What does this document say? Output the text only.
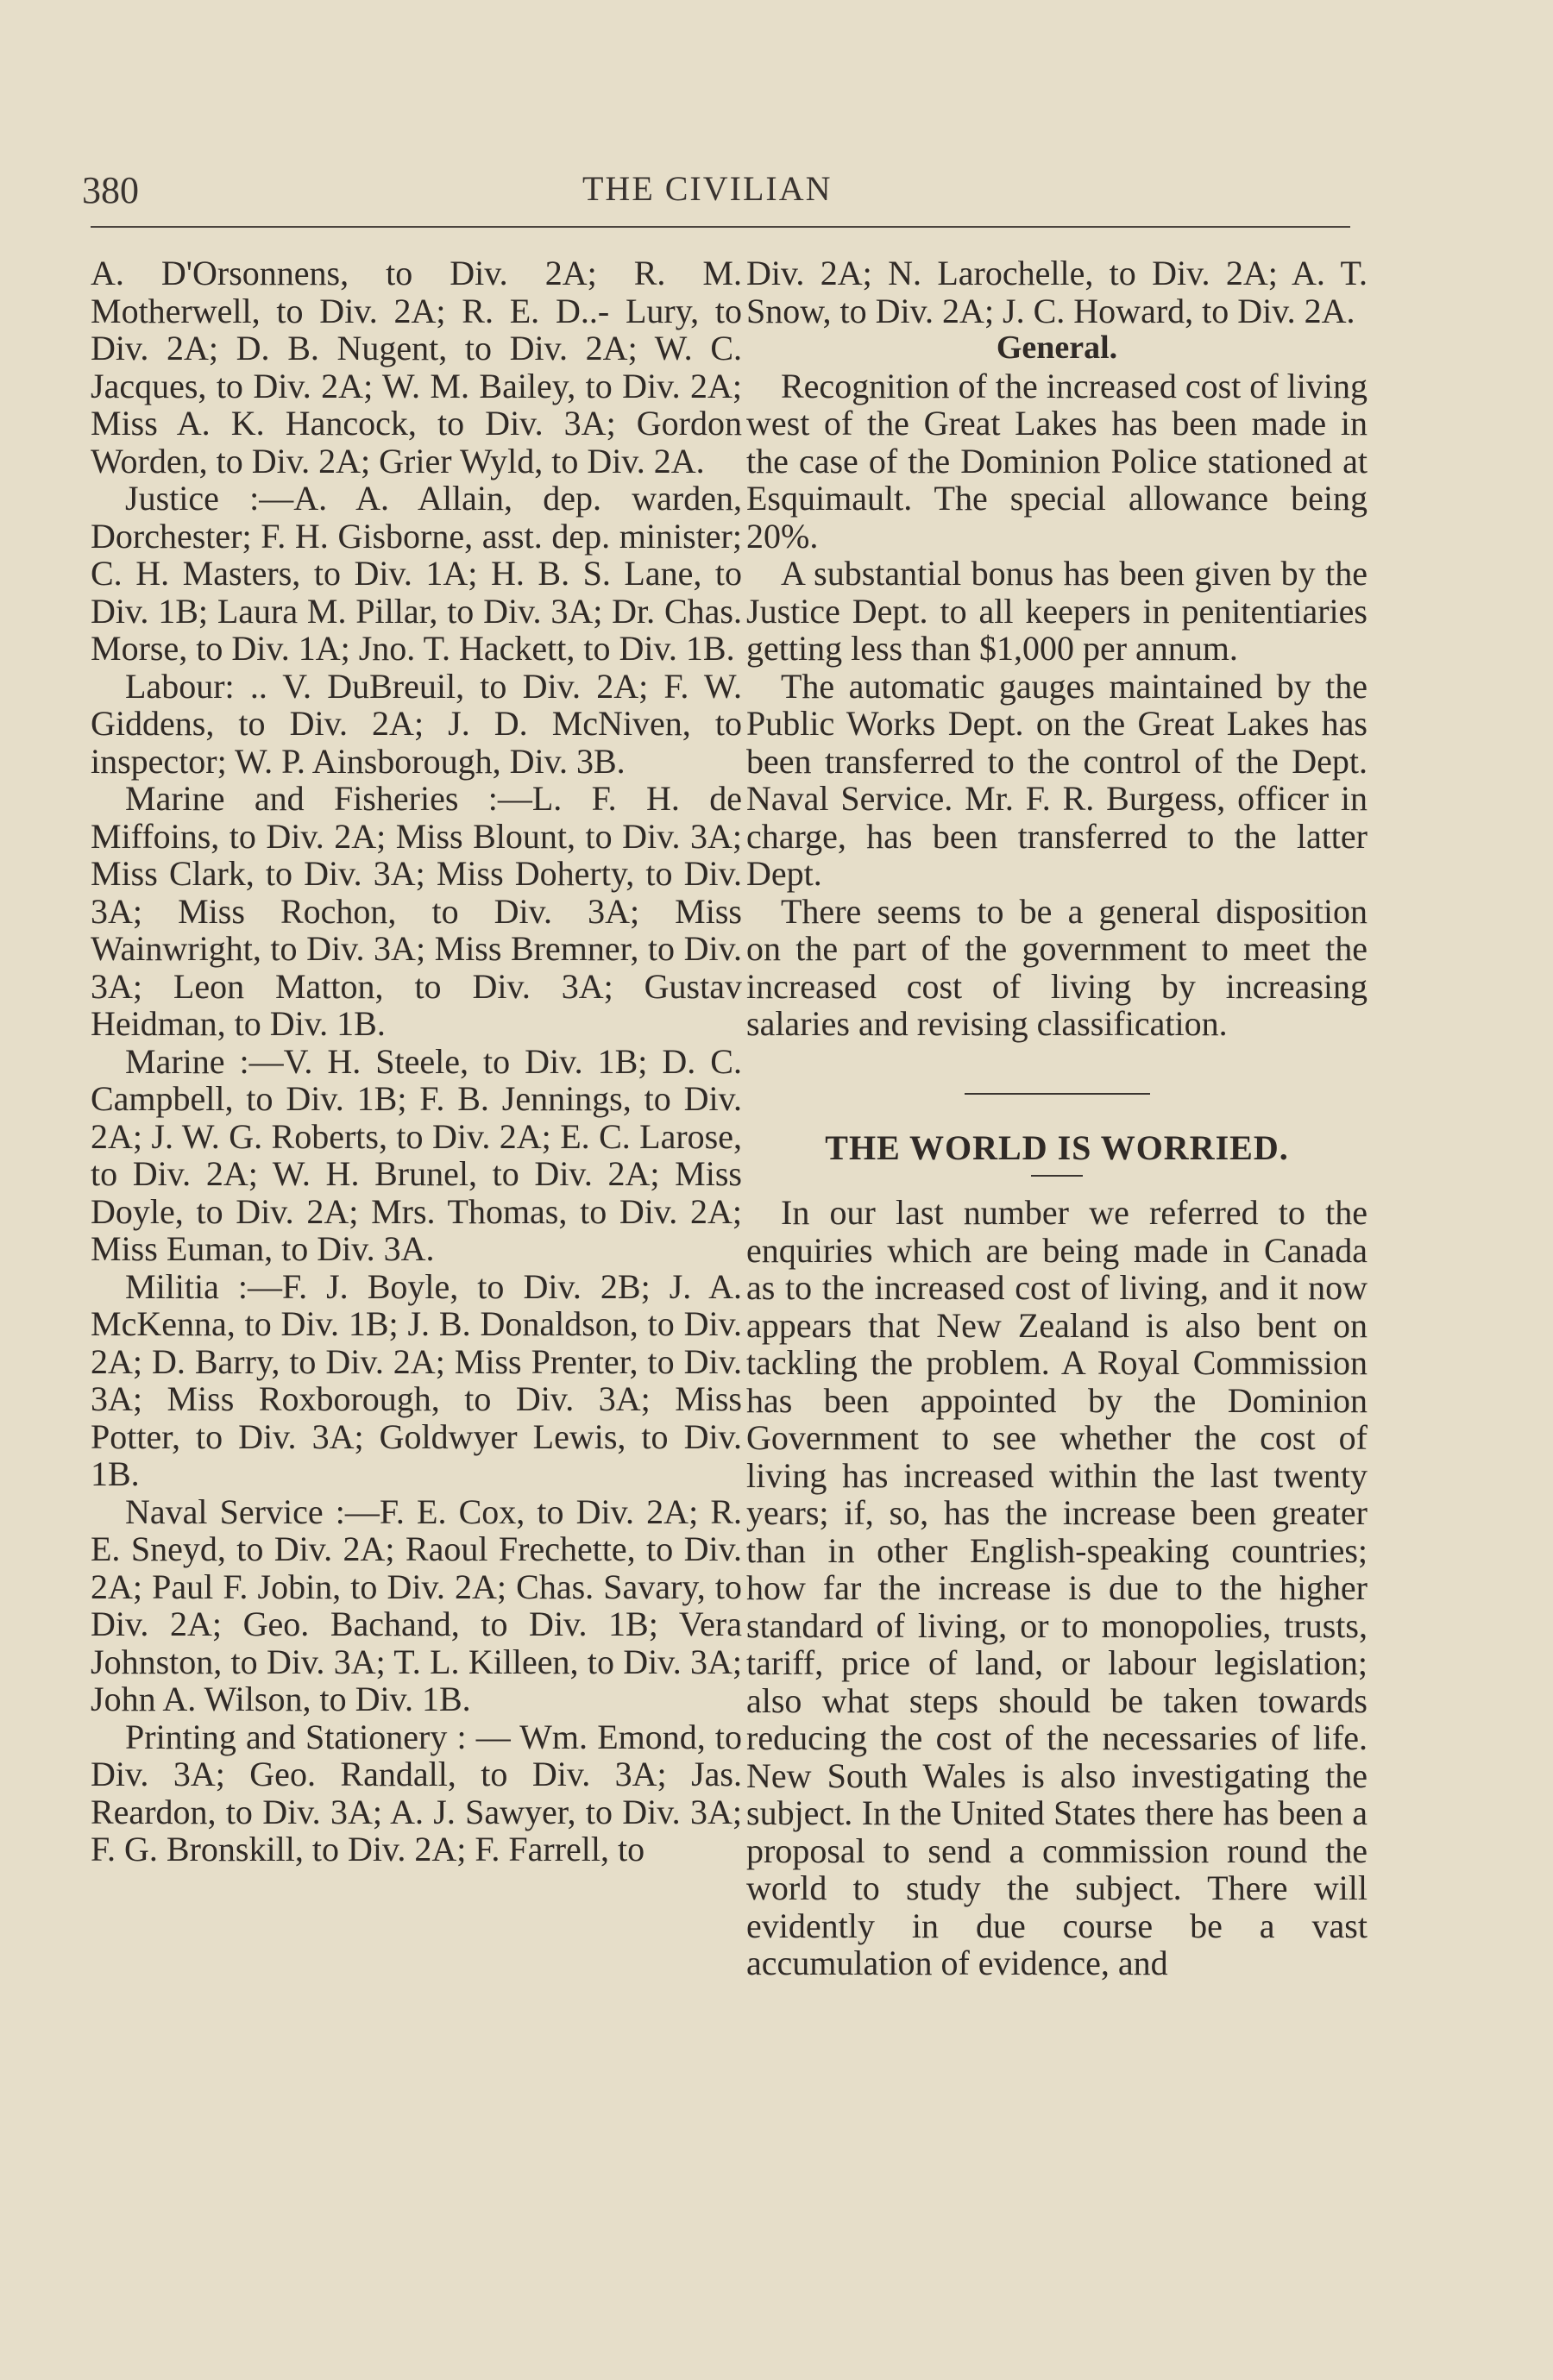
380	THE CIVILIAN

A. D'Orsonnens, to Div. 2A; R. M. Motherwell, to Div. 2A; R. E. D..- Lury, to Div. 2A; D. B. Nugent, to Div. 2A; W. C. Jacques, to Div. 2A; W. M. Bailey, to Div. 2A; Miss A. K. Hancock, to Div. 3A; Gordon Worden, to Div. 2A; Grier Wyld, to Div. 2A.

Justice :—A. A. Allain, dep. warden, Dorchester; F. H. Gisborne, asst. dep. minister; C. H. Masters, to Div. 1A; H. B. S. Lane, to Div. 1B; Laura M. Pillar, to Div. 3A; Dr. Chas. Morse, to Div. 1A; Jno. T. Hackett, to Div. 1B.

Labour: .. V. DuBreuil, to Div. 2A; F. W. Giddens, to Div. 2A; J. D. McNiven, to inspector; W. P. Ainsborough, Div. 3B.

Marine and Fisheries :—L. F. H. de Miffoins, to Div. 2A; Miss Blount, to Div. 3A; Miss Clark, to Div. 3A; Miss Doherty, to Div. 3A; Miss Rochon, to Div. 3A; Miss Wainwright, to Div. 3A; Miss Bremner, to Div. 3A; Leon Matton, to Div. 3A; Gustav Heidman, to Div. 1B.

Marine :—V. H. Steele, to Div. 1B; D. C. Campbell, to Div. 1B; F. B. Jennings, to Div. 2A; J. W. G. Roberts, to Div. 2A; E. C. Larose, to Div. 2A; W. H. Brunel, to Div. 2A; Miss Doyle, to Div. 2A; Mrs. Thomas, to Div. 2A; Miss Euman, to Div. 3A.

Militia :—F. J. Boyle, to Div. 2B; J. A. McKenna, to Div. 1B; J. B. Donaldson, to Div. 2A; D. Barry, to Div. 2A; Miss Prenter, to Div. 3A; Miss Roxborough, to Div. 3A; Miss Potter, to Div. 3A; Goldwyer Lewis, to Div. 1B.

Naval Service :—F. E. Cox, to Div. 2A; R. E. Sneyd, to Div. 2A; Raoul Frechette, to Div. 2A; Paul F. Jobin, to Div. 2A; Chas. Savary, to Div. 2A; Geo. Bachand, to Div. 1B; Vera Johnston, to Div. 3A; T. L. Killeen, to Div. 3A; John A. Wilson, to Div. 1B.

Printing and Stationery : — Wm. Emond, to Div. 3A; Geo. Randall, to Div. 3A; Jas. Reardon, to Div. 3A; A. J. Sawyer, to Div. 3A; F. G. Bronskill, to Div. 2A; F. Farrell, to

Div. 2A; N. Larochelle, to Div. 2A; A. T. Snow, to Div. 2A; J. C. Howard, to Div. 2A.

General.

Recognition of the increased cost of living west of the Great Lakes has been made in the case of the Dominion Police stationed at Esquimault. The special allowance being 20%.

A substantial bonus has been given by the Justice Dept. to all keepers in penitentiaries getting less than $1,000 per annum.

The automatic gauges maintained by the Public Works Dept. on the Great Lakes has been transferred to the control of the Dept. Naval Service. Mr. F. R. Burgess, officer in charge, has been transferred to the latter Dept.

There seems to be a general disposition on the part of the government to meet the increased cost of living by increasing salaries and revising classification.

THE WORLD IS WORRIED.

In our last number we referred to the enquiries which are being made in Canada as to the increased cost of living, and it now appears that New Zealand is also bent on tackling the problem. A Royal Commission has been appointed by the Dominion Government to see whether the cost of living has increased within the last twenty years; if, so, has the increase been greater than in other English-speaking countries; how far the increase is due to the higher standard of living, or to monopolies, trusts, tariff, price of land, or labour legislation; also what steps should be taken towards reducing the cost of the necessaries of life. New South Wales is also investigating the subject. In the United States there has been a proposal to send a commission round the world to study the subject. There will evidently in due course be a vast accumulation of evidence, and
